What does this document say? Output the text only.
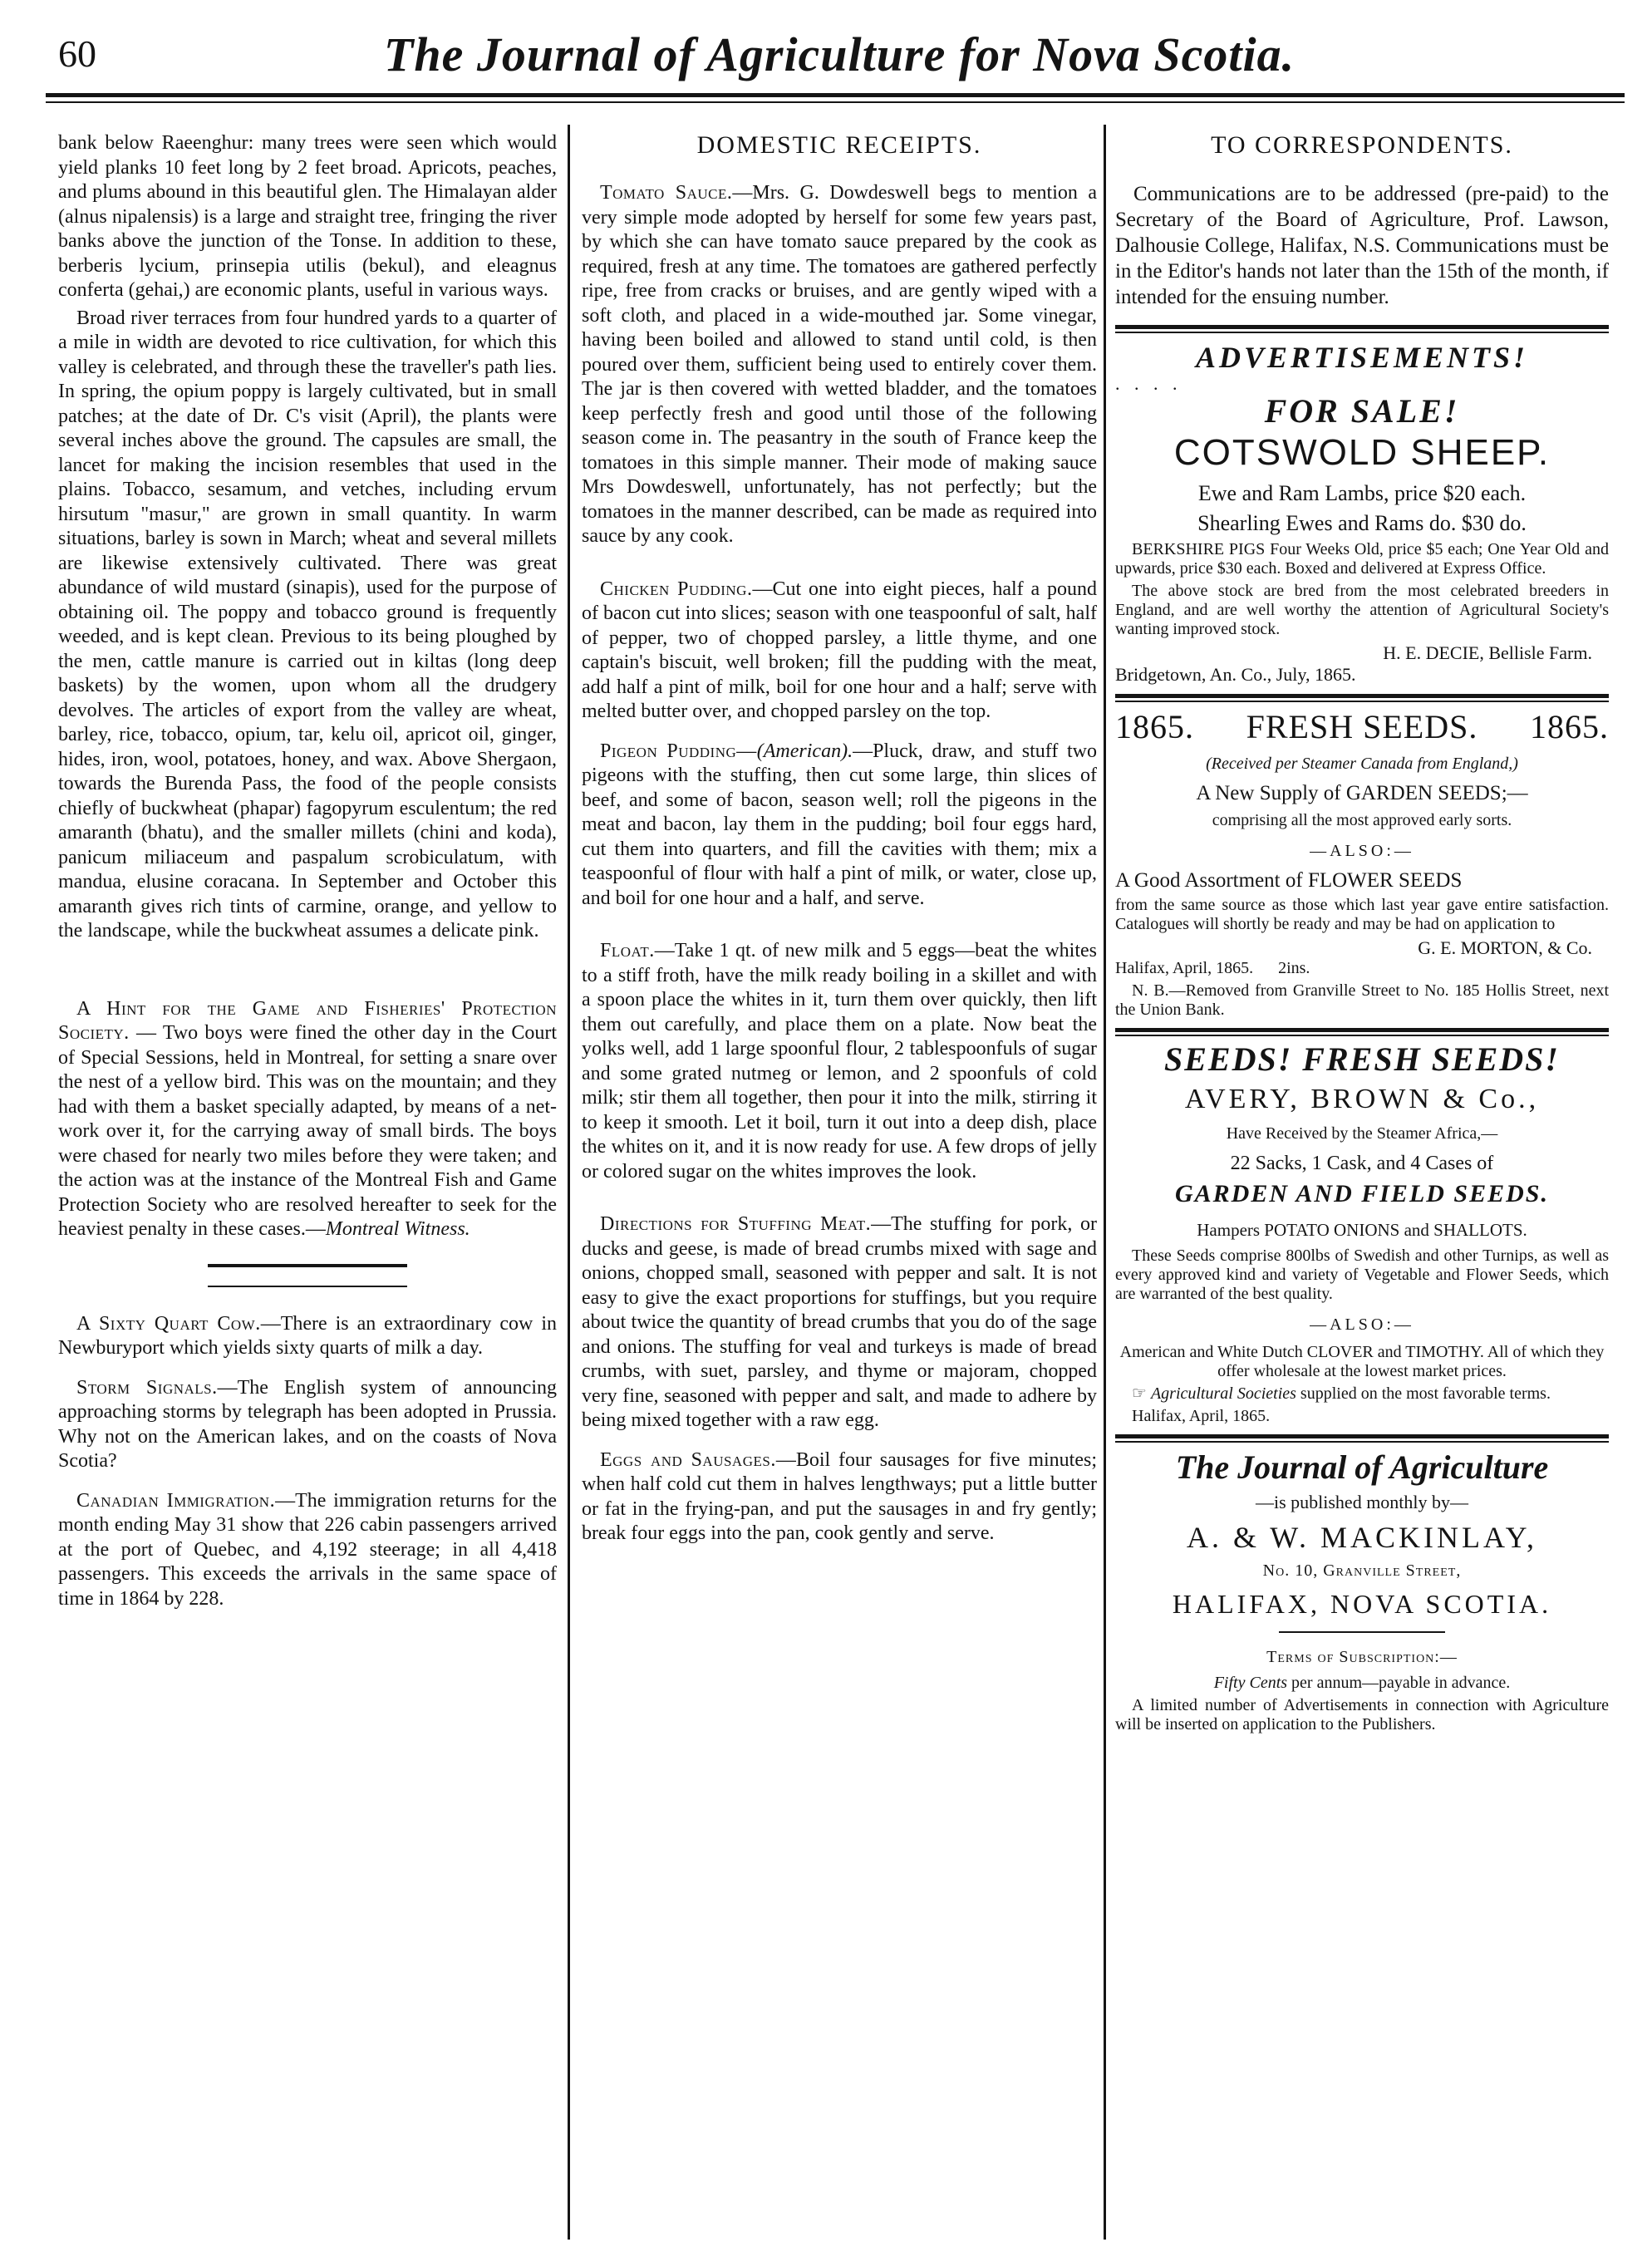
60	The Journal of Agriculture for Nova Scotia.

bank below Raeenghur: many trees were seen which would yield planks 10 feet long by 2 feet broad. Apricots, peaches, and plums abound in this beautiful glen. The Himalayan alder (alnus nipalensis) is a large and straight tree, fringing the river banks above the junction of the Tonse. In addition to these, berberis lycium, prinsepia utilis (bekul), and eleagnus conferta (gehai,) are economic plants, useful in various ways.

Broad river terraces from four hundred yards to a quarter of a mile in width are devoted to rice cultivation, for which this valley is celebrated, and through these the traveller's path lies. In spring, the opium poppy is largely cultivated, but in small patches; at the date of Dr. C's visit (April), the plants were several inches above the ground. The capsules are small, the lancet for making the incision resembles that used in the plains. Tobacco, sesamum, and vetches, including ervum hirsutum "masur," are grown in small quantity. In warm situations, barley is sown in March; wheat and several millets are likewise extensively cultivated. There was great abundance of wild mustard (sinapis), used for the purpose of obtaining oil. The poppy and tobacco ground is frequently weeded, and is kept clean. Previous to its being ploughed by the men, cattle manure is carried out in kiltas (long deep baskets) by the women, upon whom all the drudgery devolves. The articles of export from the valley are wheat, barley, rice, tobacco, opium, tar, kelu oil, apricot oil, ginger, hides, iron, wool, potatoes, honey, and wax. Above Shergaon, towards the Burenda Pass, the food of the people consists chiefly of buckwheat (phapar) fagopyrum esculentum; the red amaranth (bhatu), and the smaller millets (chini and koda), panicum miliaceum and paspalum scrobiculatum, with mandua, elusine coracana. In September and October this amaranth gives rich tints of carmine, orange, and yellow to the landscape, while the buckwheat assumes a delicate pink.

A Hint for the Game and Fisheries' Protection Society. — Two boys were fined the other day in the Court of Special Sessions, held in Montreal, for setting a snare over the nest of a yellow bird. This was on the mountain; and they had with them a basket specially adapted, by means of a net-work over it, for the carrying away of small birds. The boys were chased for nearly two miles before they were taken; and the action was at the instance of the Montreal Fish and Game Protection Society who are resolved hereafter to seek for the heaviest penalty in these cases.—Montreal Witness.

A Sixty Quart Cow.—There is an extraordinary cow in Newburyport which yields sixty quarts of milk a day.

Storm Signals.—The English system of announcing approaching storms by telegraph has been adopted in Prussia. Why not on the American lakes, and on the coasts of Nova Scotia?

Canadian Immigration.—The immigration returns for the month ending May 31 show that 226 cabin passengers arrived at the port of Quebec, and 4,192 steerage; in all 4,418 passengers. This exceeds the arrivals in the same space of time in 1864 by 228.

DOMESTIC RECEIPTS.

Tomato Sauce.—Mrs. G. Dowdeswell begs to mention a very simple mode adopted by herself for some few years past, by which she can have tomato sauce prepared by the cook as required, fresh at any time. The tomatoes are gathered perfectly ripe, free from cracks or bruises, and are gently wiped with a soft cloth, and placed in a wide-mouthed jar. Some vinegar, having been boiled and allowed to stand until cold, is then poured over them, sufficient being used to entirely cover them. The jar is then covered with wetted bladder, and the tomatoes keep perfectly fresh and good until those of the following season come in. The peasantry in the south of France keep the tomatoes in this simple manner. Their mode of making sauce Mrs Dowdeswell, unfortunately, has not perfectly; but the tomatoes in the manner described, can be made as required into sauce by any cook.

Chicken Pudding.—Cut one into eight pieces, half a pound of bacon cut into slices; season with one teaspoonful of salt, half of pepper, two of chopped parsley, a little thyme, and one captain's biscuit, well broken; fill the pudding with the meat, add half a pint of milk, boil for one hour and a half; serve with melted butter over, and chopped parsley on the top.

Pigeon Pudding—(American).—Pluck, draw, and stuff two pigeons with the stuffing, then cut some large, thin slices of beef, and some of bacon, season well; roll the pigeons in the meat and bacon, lay them in the pudding; boil four eggs hard, cut them into quarters, and fill the cavities with them; mix a teaspoonful of flour with half a pint of milk, or water, close up, and boil for one hour and a half, and serve.

Float.—Take 1 qt. of new milk and 5 eggs—beat the whites to a stiff froth, have the milk ready boiling in a skillet and with a spoon place the whites in it, turn them over quickly, then lift them out carefully, and place them on a plate. Now beat the yolks well, add 1 large spoonful flour, 2 tablespoonfuls of sugar and some grated nutmeg or lemon, and 2 spoonfuls of cold milk; stir them all together, then pour it into the milk, stirring it to keep it smooth. Let it boil, turn it out into a deep dish, place the whites on it, and it is now ready for use. A few drops of jelly or colored sugar on the whites improves the look.

Directions for Stuffing Meat.—The stuffing for pork, or ducks and geese, is made of bread crumbs mixed with sage and onions, chopped small, seasoned with pepper and salt. It is not easy to give the exact proportions for stuffings, but you require about twice the quantity of bread crumbs that you do of the sage and onions. The stuffing for veal and turkeys is made of bread crumbs, with suet, parsley, and thyme or majoram, chopped very fine, seasoned with pepper and salt, and made to adhere by being mixed together with a raw egg.

Eggs and Sausages.—Boil four sausages for five minutes; when half cold cut them in halves lengthways; put a little butter or fat in the frying-pan, and put the sausages in and fry gently; break four eggs into the pan, cook gently and serve.

TO CORRESPONDENTS.

Communications are to be addressed (pre-paid) to the Secretary of the Board of Agriculture, Prof. Lawson, Dalhousie College, Halifax, N.S. Communications must be in the Editor's hands not later than the 15th of the month, if intended for the ensuing number.

ADVERTISEMENTS!
. . . .
FOR SALE!
COTSWOLD SHEEP.
Ewe and Ram Lambs, price $20 each.
Shearling Ewes and Rams do. $30 do.

BERKSHIRE PIGS Four Weeks Old, price $5 each; One Year Old and upwards, price $30 each. Boxed and delivered at Express Office.

The above stock are bred from the most celebrated breeders in England, and are well worthy the attention of Agricultural Society's wanting improved stock.

H. E. DECIE, Bellisle Farm.
Bridgetown, An. Co., July, 1865.
1865. FRESH SEEDS. 1865.
(Received per Steamer Canada from England,)
A New Supply of GARDEN SEEDS;—
comprising all the most approved early sorts.
—ALSO:—
A Good Assortment of FLOWER SEEDS

from the same source as those which last year gave entire satisfaction. Catalogues will shortly be ready and may be had on application to

G. E. MORTON, & Co.
Halifax, April, 1865. 2ins.

N. B.—Removed from Granville Street to No. 185 Hollis Street, next the Union Bank.

SEEDS! FRESH SEEDS!
AVERY, BROWN & Co.,
Have Received by the Steamer Africa,—
22 Sacks, 1 Cask, and 4 Cases of
GARDEN AND FIELD SEEDS.
Hampers POTATO ONIONS and SHALLOTS.

These Seeds comprise 800lbs of Swedish and other Turnips, as well as every approved kind and variety of Vegetable and Flower Seeds, which are warranted of the best quality.

—ALSO:—

American and White Dutch CLOVER and TIMOTHY. All of which they offer wholesale at the lowest market prices.

☞ Agricultural Societies supplied on the most favorable terms.

Halifax, April, 1865.
The Journal of Agriculture
—is published monthly by—
A. & W. MACKINLAY,
No. 10, Granville Street,
HALIFAX, NOVA SCOTIA.
Terms of Subscription:—

Fifty Cents per annum—payable in advance.

A limited number of Advertisements in connection with Agriculture will be inserted on application to the Publishers.
